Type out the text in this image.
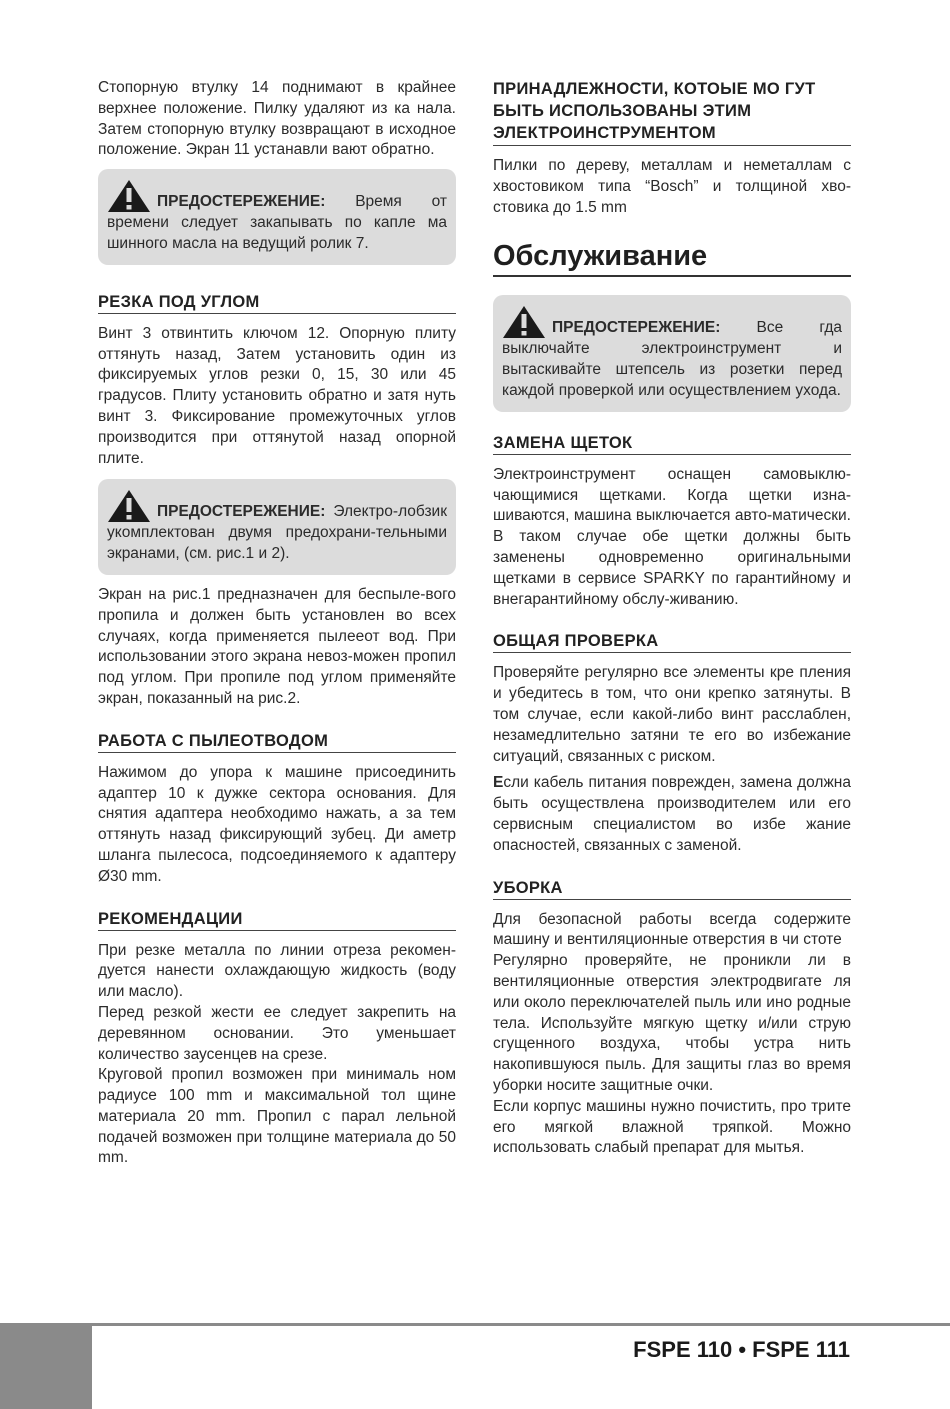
Стопорную втулку 14 поднимают в крайнее верхнее положение. Пилку удаляют из ка нала. Затем стопорную втулку возвращают в исходное положение. Экран 11 устанавли вают обратно.

ПРЕДОСТЕРЕЖЕНИЕ: Время от времени следует закапывать по капле ма шинного масла на ведущий ролик 7.
РЕЗКА ПОД УГЛОМ

Винт 3 отвинтить ключом 12. Опорную плиту оттянуть назад, Затем установить один из фиксируемых углов резки 0, 15, 30 или 45 градусов. Плиту установить обратно и затя нуть винт 3. Фиксирование промежуточных углов производится при оттянутой назад опорной плите.

ПРЕДОСТЕРЕЖЕНИЕ: Электро-лобзик укомплектован двумя предохрани-тельными экранами, (см. рис.1 и 2).

Экран на рис.1 предназначен для беспыле-вого пропила и должен быть установлен во всех случаях, когда применяется пылеeот вод. При использовании этого экрана невоз-можен пропил под углом. При пропиле под углом применяйте экран, показанный на рис.2.

РАБОТА С ПЫЛЕОТВОДОМ

Нажимом до упора к машине присоединить адаптер 10 к дужке сектора основания. Для снятия адаптера необходимо нажать, а за тем оттянуть назад фиксирующий зубец. Ди аметр шланга пылесоса, подсоединяемого к адаптеру Ø30 mm.

РЕКОМЕНДАЦИИ

При резке металла по линии отреза рекомен-дуется нанести охлаждающую жидкость (воду или масло).

Перед резкой жести ее следует закрепить на деревянном основании. Это уменьшает количество заусенцев на срезе.

Круговой пропил возможен при минималь ном радиусе 100 mm и максимальной тол щине материала 20 mm. Пропил с парал лельной подачей возможен при толщине материала до 50 mm.

ПРИНАДЛЕЖНОСТИ, КОТОЫЕ МО ГУТ БЫТЬ ИСПОЛЬЗОВАНЫ ЭТИМ ЭЛЕКТРОИНСТРУМЕНТОМ

Пилки по дереву, металлам и неметаллам с хвостовиком типа “Bosch” и толщиной хво-стовика до 1.5 mm

Обслуживание
ПРЕДОСТЕРЕЖЕНИЕ: Все гда выключайте электроинструмент и вытаскивайте штепсель из розетки перед каждой проверкой или осуществлением ухода.
ЗАМЕНА ЩЕТОК

Электроинструмент оснащен самовыклю-чающимися щетками. Когда щетки изна-шиваются, машина выключается авто-матически. В таком случае обе щетки должны быть заменены одновременно оригинальными щетками в сервисе SPARKY по гарантийному и внегарантийному обслу-живанию.

ОБЩАЯ ПРОВЕРКА

Проверяйте регулярно все элементы кре пления и убедитесь в том, что они крепко затянуты. В том случае, если какой-либо винт расслаблен, незамедлительно затяни те его во избежание ситуаций, связанных с риском.

Если кабель питания поврежден, замена должна быть осуществлена производителем или его сервисным специалистом во избе жание опасностей, связанных с заменой.

УБОРКА

Для безопасной работы всегда содержите машину и вентиляционные отверстия в чи стоте

Регулярно проверяйте, не проникли ли в вентиляционные отверстия электродвигате ля или около переключателей пыль или ино родные тела. Используйте мягкую щетку и/или струю сгущенного воздуха, чтобы устра нить накопившуюся пыль. Для защиты глаз во время уборки носите защитные очки.

Если корпус машины нужно почистить, про трите его мягкой влажной тряпкой. Можно использовать слабый препарат для мытья.

FSPE 110 • FSPE 111
